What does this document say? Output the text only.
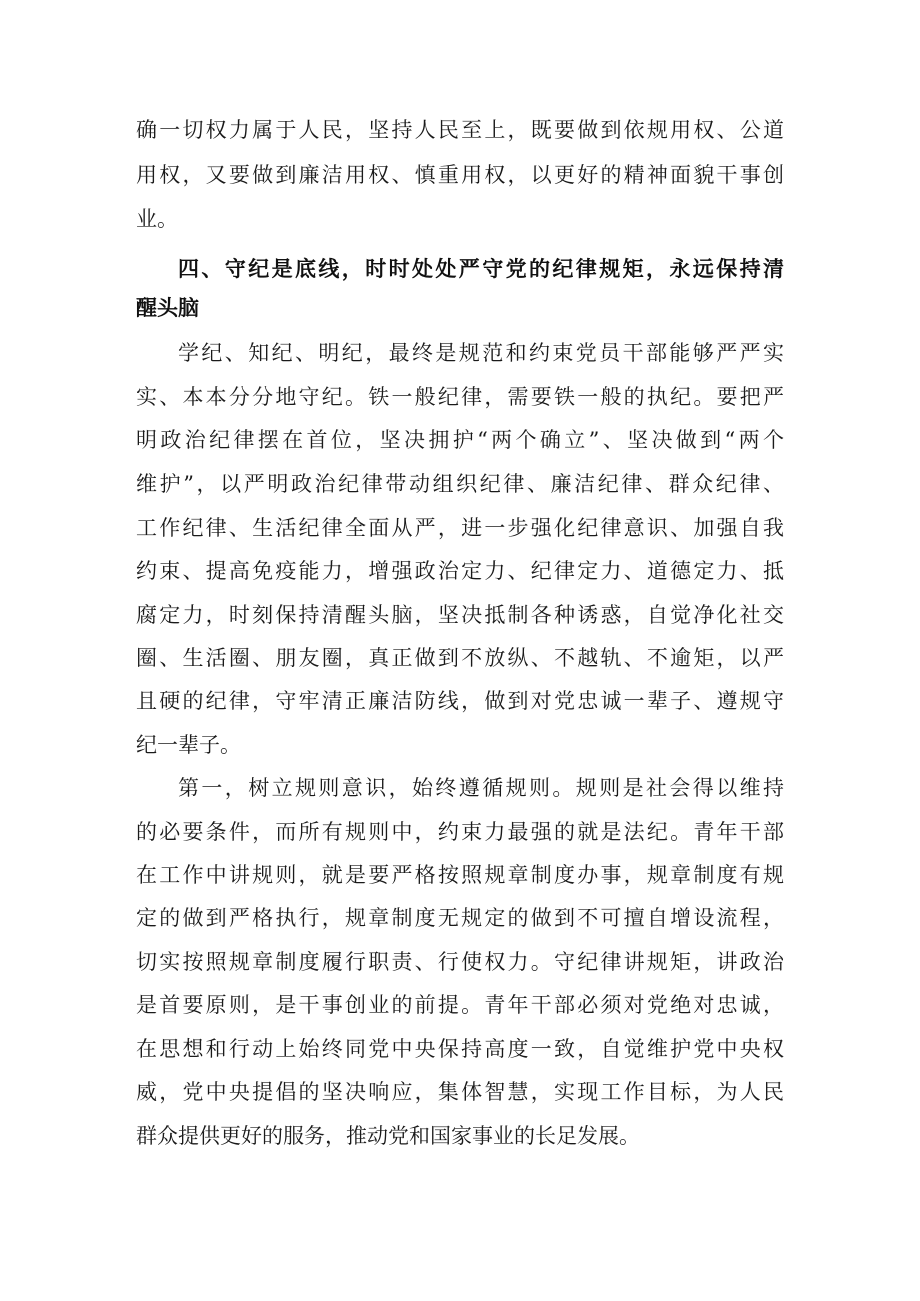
确一切权力属于人民，坚持人民至上，既要做到依规用权、公道
用权，又要做到廉洁用权、慎重用权，以更好的精神面貌干事创
业。
四、守纪是底线，时时处处严守党的纪律规矩，永远保持清
醒头脑
学纪、知纪、明纪，最终是规范和约束党员干部能够严严实
实、本本分分地守纪。铁一般纪律，需要铁一般的执纪。要把严
明政治纪律摆在首位，坚决拥护“两个确立”、坚决做到“两个
维护”，以严明政治纪律带动组织纪律、廉洁纪律、群众纪律、
工作纪律、生活纪律全面从严，进一步强化纪律意识、加强自我
约束、提高免疫能力，增强政治定力、纪律定力、道德定力、抵
腐定力，时刻保持清醒头脑，坚决抵制各种诱惑，自觉净化社交
圈、生活圈、朋友圈，真正做到不放纵、不越轨、不逾矩，以严
且硬的纪律，守牢清正廉洁防线，做到对党忠诚一辈子、遵规守
纪一辈子。
第一，树立规则意识，始终遵循规则。规则是社会得以维持
的必要条件，而所有规则中，约束力最强的就是法纪。青年干部
在工作中讲规则，就是要严格按照规章制度办事，规章制度有规
定的做到严格执行，规章制度无规定的做到不可擅自增设流程，
切实按照规章制度履行职责、行使权力。守纪律讲规矩，讲政治
是首要原则，是干事创业的前提。青年干部必须对党绝对忠诚，
在思想和行动上始终同党中央保持高度一致，自觉维护党中央权
威，党中央提倡的坚决响应，集体智慧，实现工作目标，为人民
群众提供更好的服务，推动党和国家事业的长足发展。
